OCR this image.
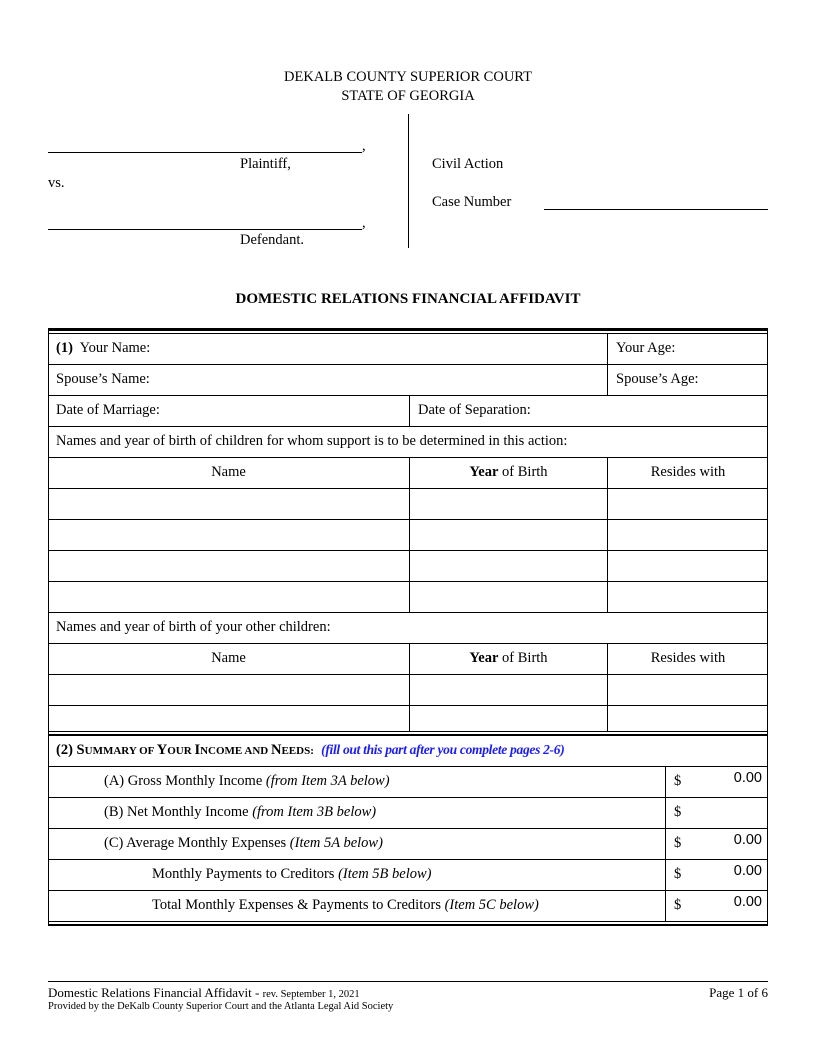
DEKALB COUNTY SUPERIOR COURT
STATE OF GEORGIA
,
Plaintiff,
vs.
,
Defendant.
Civil Action
Case Number
DOMESTIC RELATIONS FINANCIAL AFFIDAVIT
(1) Your Name:	Your Age:
Spouse’s Name:	Spouse’s Age:
Date of Marriage:	Date of Separation:
Names and year of birth of children for whom support is to be determined in this action:
Name	Year of Birth	Resides with
Names and year of birth of your other children:
Name	Year of Birth	Resides with
(2) SUMMARY OF YOUR INCOME AND NEEDS: (fill out this part after you complete pages 2-6)
(A) Gross Monthly Income (from Item 3A below)	$	0.00
(B) Net Monthly Income (from Item 3B below)	$
(C) Average Monthly Expenses (Item 5A below)	$	0.00
Monthly Payments to Creditors (Item 5B below)	$	0.00
Total Monthly Expenses & Payments to Creditors (Item 5C below)	$	0.00
Domestic Relations Financial Affidavit - rev. September 1, 2021	Page 1 of 6
Provided by the DeKalb County Superior Court and the Atlanta Legal Aid Society
